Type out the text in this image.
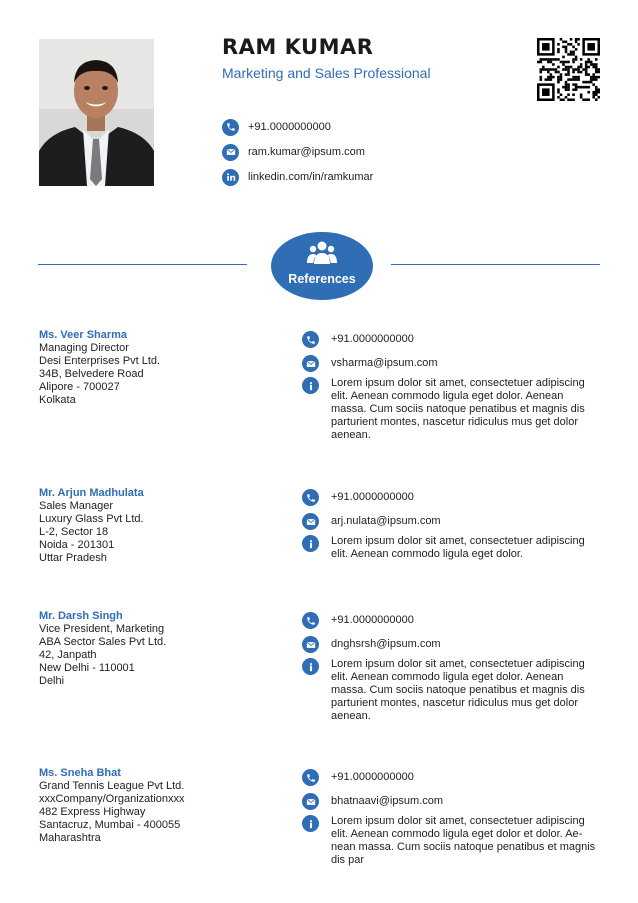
RAM KUMAR
Marketing and Sales Professional
+91.0000000000
ram.kumar@ipsum.com
linkedin.com/in/ramkumar
References
Ms. Veer Sharma
Managing Director
Desi Enterprises Pvt Ltd.
34B, Belvedere Road
Alipore - 700027
Kolkata
+91.0000000000
vsharma@ipsum.com
Lorem ipsum dolor sit amet, consectetuer adipiscing elit. Aenean commodo ligula eget dolor. Aenean massa. Cum sociis natoque penatibus et magnis dis parturient montes, nascetur ridiculus mus get dolor aenean.
Mr. Arjun Madhulata
Sales Manager
Luxury Glass Pvt Ltd.
L-2, Sector 18
Noida - 201301
Uttar Pradesh
+91.0000000000
arj.nulata@ipsum.com
Lorem ipsum dolor sit amet, consectetuer adipiscing elit. Aenean commodo ligula eget dolor.
Mr. Darsh Singh
Vice President, Marketing
ABA Sector Sales Pvt Ltd.
42, Janpath
New Delhi - 110001
Delhi
+91.0000000000
dnghsrsh@ipsum.com
Lorem ipsum dolor sit amet, consectetuer adipiscing elit. Aenean commodo ligula eget dolor. Aenean massa. Cum sociis natoque penatibus et magnis dis parturient montes, nascetur ridiculus mus get dolor aenean.
Ms. Sneha Bhat
Grand Tennis League Pvt Ltd.
xxxCompany/Organizationxxx
482 Express Highway
Santacruz, Mumbai - 400055
Maharashtra
+91.0000000000
bhatnaavi@ipsum.com
Lorem ipsum dolor sit amet, consectetuer adipiscing elit. Aenean commodo ligula eget dolor et dolor. Ae-nean massa. Cum sociis natoque penatibus et magnis dis par
